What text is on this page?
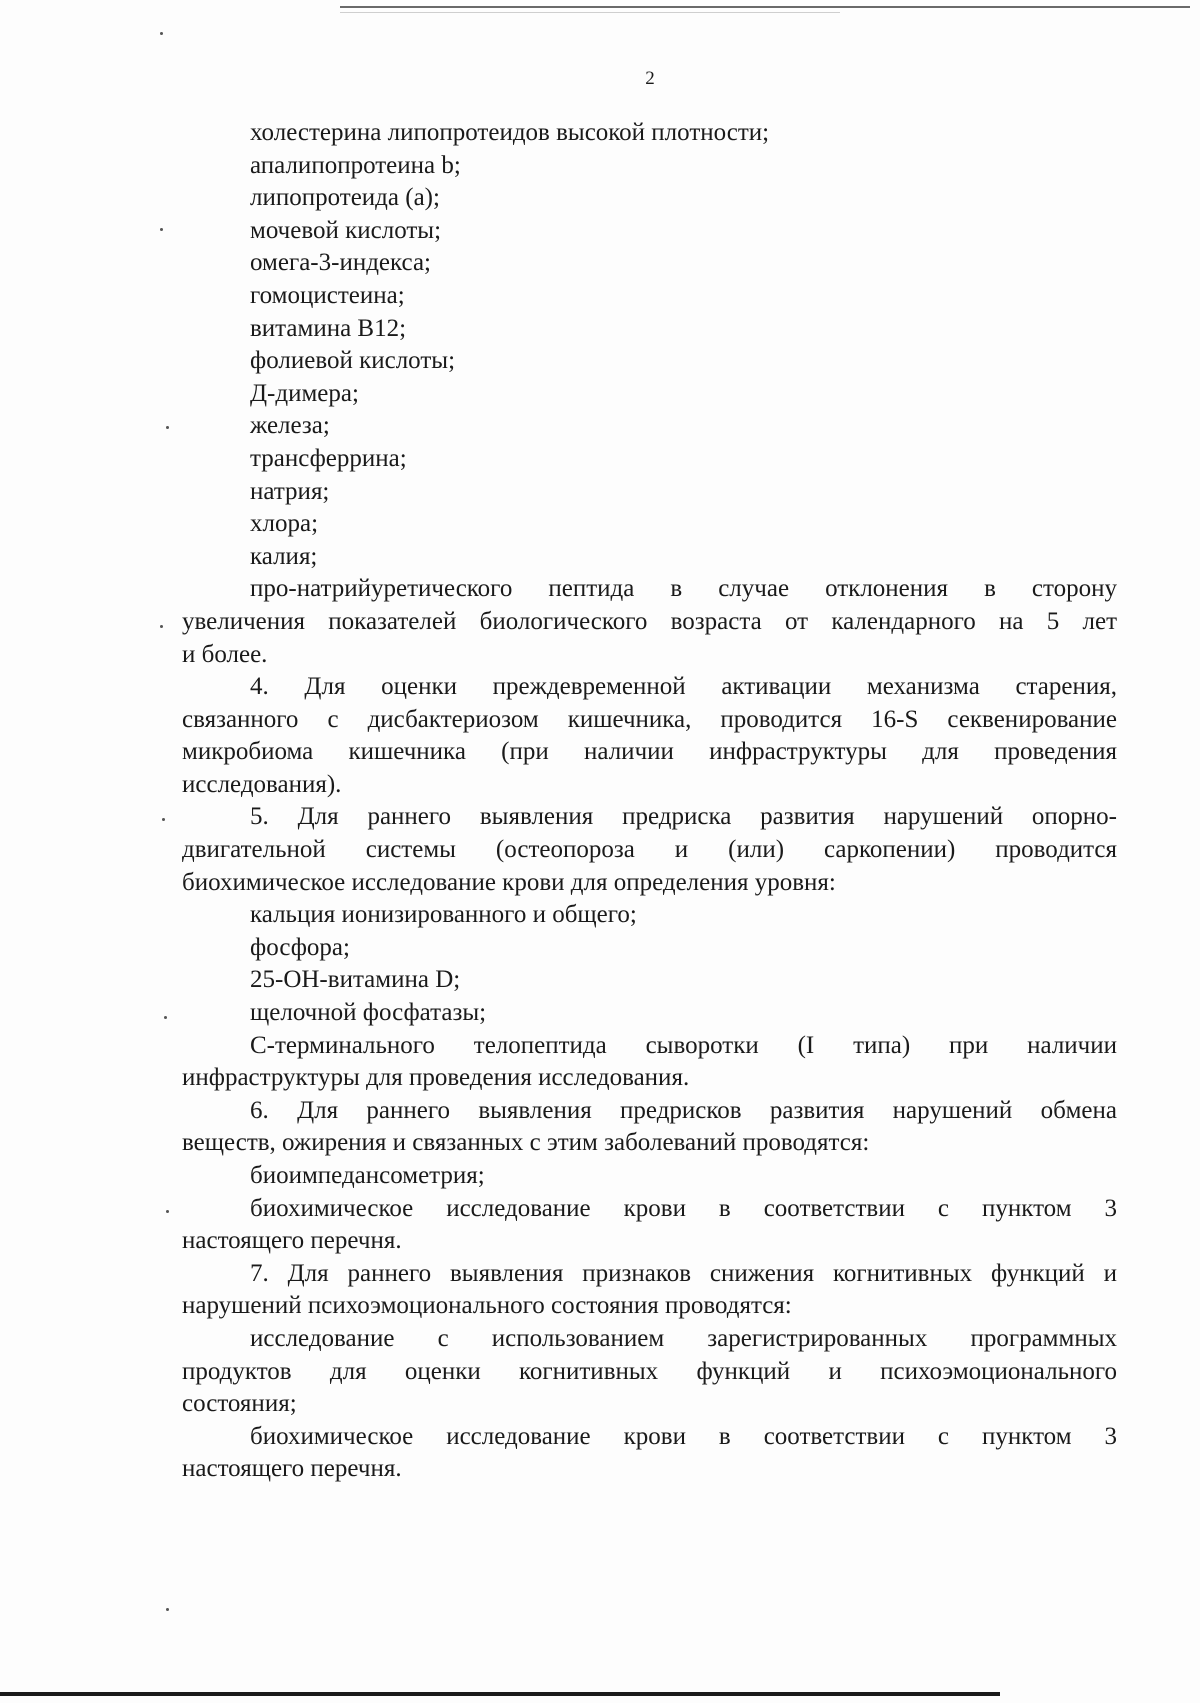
2
холестерина липопротеидов высокой плотности;
апалипопротеина b;
липопротеида (а);
мочевой кислоты;
омега-3-индекса;
гомоцистеина;
витамина В12;
фолиевой кислоты;
Д-димера;
железа;
трансферрина;
натрия;
хлора;
калия;
про-натрийуретического пептида в случае отклонения в сторону
увеличения показателей биологического возраста от календарного на 5 лет
и более.
4. Для оценки преждевременной активации механизма старения,
связанного с дисбактериозом кишечника, проводится 16-S секвенирование
микробиома кишечника (при наличии инфраструктуры для проведения
исследования).
5. Для раннего выявления предриска развития нарушений опорно-
двигательной системы (остеопороза и (или) саркопении) проводится
биохимическое исследование крови для определения уровня:
кальция ионизированного и общего;
фосфора;
25-ОН-витамина D;
щелочной фосфатазы;
С-терминального телопептида сыворотки (I типа) при наличии
инфраструктуры для проведения исследования.
6. Для раннего выявления предрисков развития нарушений обмена
веществ, ожирения и связанных с этим заболеваний проводятся:
биоимпедансометрия;
биохимическое исследование крови в соответствии с пунктом 3
настоящего перечня.
7. Для раннего выявления признаков снижения когнитивных функций и
нарушений психоэмоционального состояния проводятся:
исследование с использованием зарегистрированных программных
продуктов для оценки когнитивных функций и психоэмоционального
состояния;
биохимическое исследование крови в соответствии с пунктом 3
настоящего перечня.
